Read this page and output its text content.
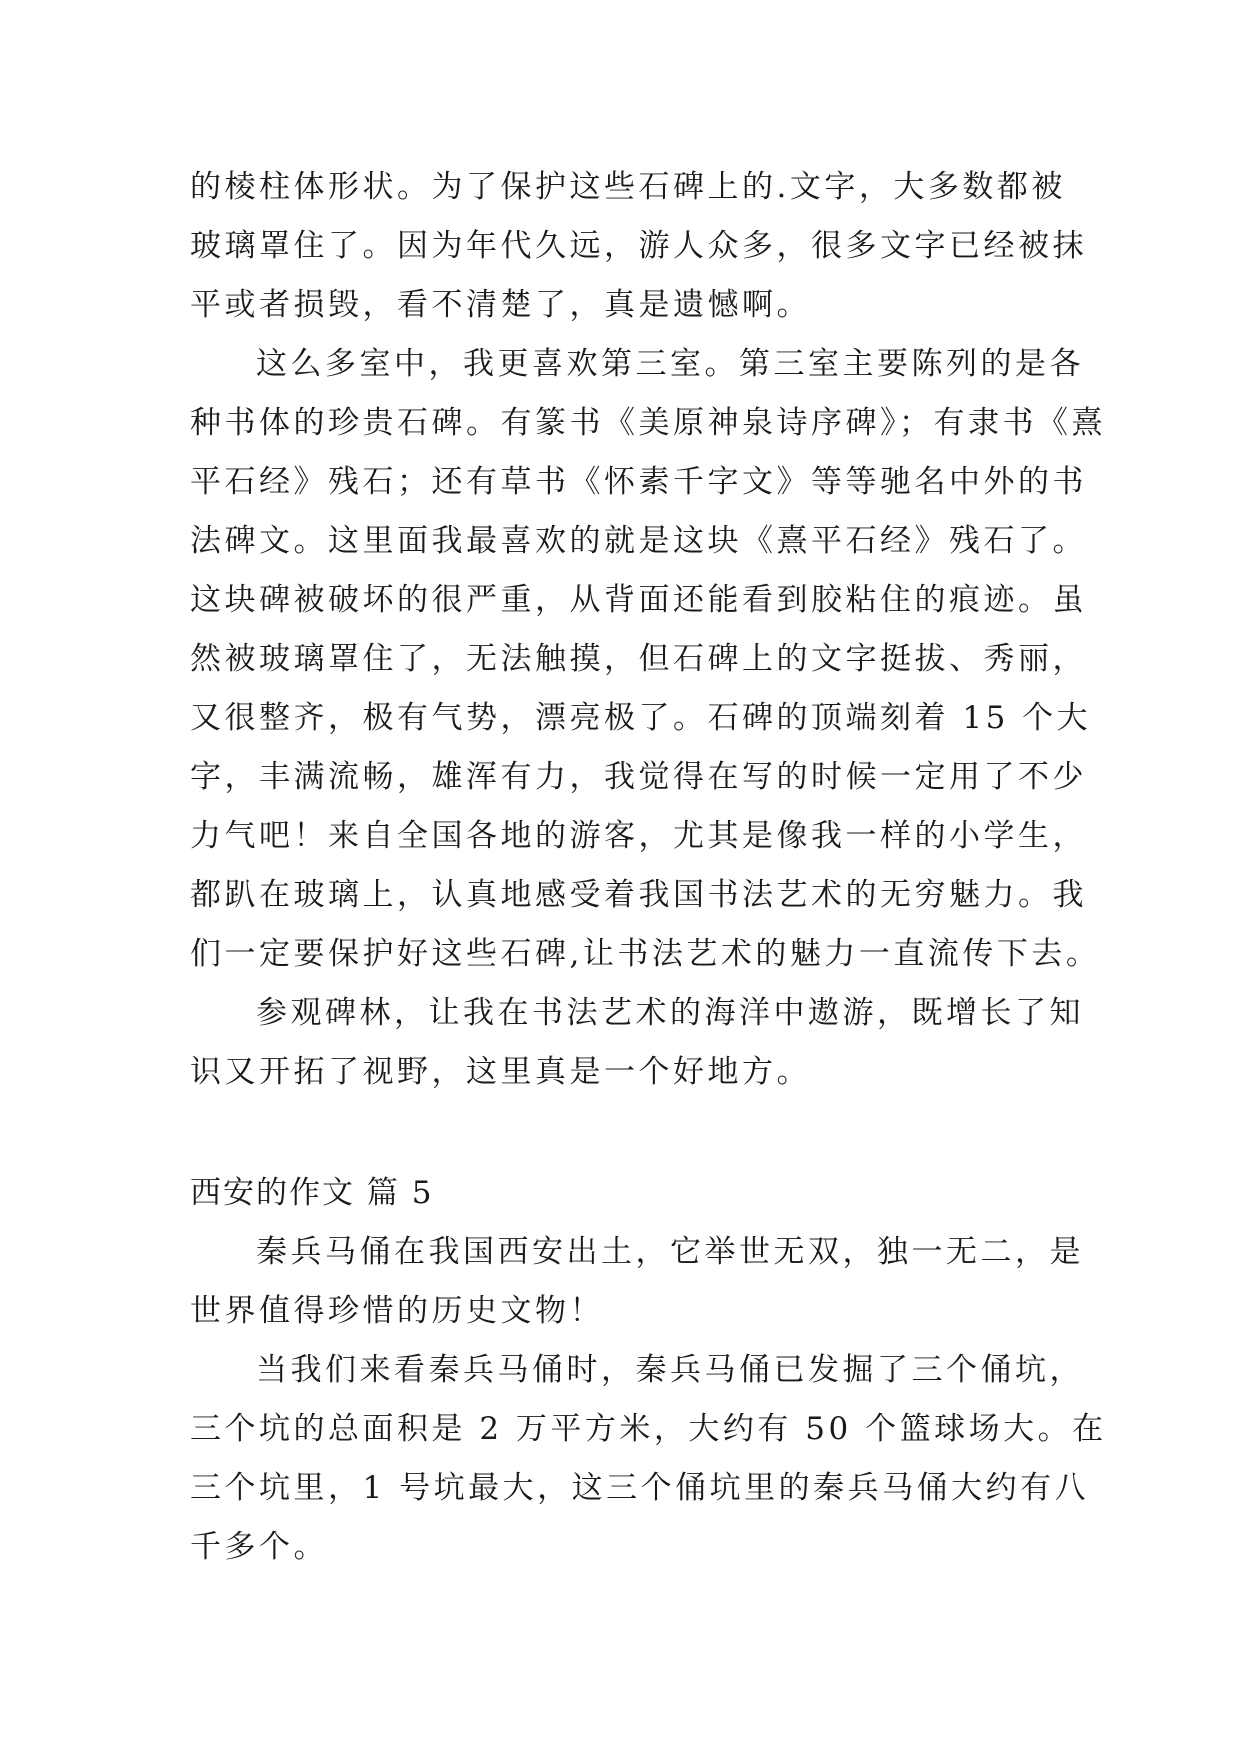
的棱柱体形状。为了保护这些石碑上的.文字，大多数都被
玻璃罩住了。因为年代久远，游人众多，很多文字已经被抹
平或者损毁，看不清楚了，真是遗憾啊。
这么多室中，我更喜欢第三室。第三室主要陈列的是各
种书体的珍贵石碑。有篆书《美原神泉诗序碑》；有隶书《熹
平石经》残石；还有草书《怀素千字文》等等驰名中外的书
法碑文。这里面我最喜欢的就是这块《熹平石经》残石了。
这块碑被破坏的很严重，从背面还能看到胶粘住的痕迹。虽
然被玻璃罩住了，无法触摸，但石碑上的文字挺拔、秀丽，
又很整齐，极有气势，漂亮极了。石碑的顶端刻着 15 个大
字，丰满流畅，雄浑有力，我觉得在写的时候一定用了不少
力气吧！来自全国各地的游客，尤其是像我一样的小学生，
都趴在玻璃上，认真地感受着我国书法艺术的无穷魅力。我
们一定要保护好这些石碑,让书法艺术的魅力一直流传下去。
参观碑林，让我在书法艺术的海洋中遨游，既增长了知
识又开拓了视野，这里真是一个好地方。
西安的作文 篇 5
秦兵马俑在我国西安出土，它举世无双，独一无二，是
世界值得珍惜的历史文物！
当我们来看秦兵马俑时，秦兵马俑已发掘了三个俑坑，
三个坑的总面积是 2 万平方米，大约有 50 个篮球场大。在
三个坑里，1 号坑最大，这三个俑坑里的秦兵马俑大约有八
千多个。
